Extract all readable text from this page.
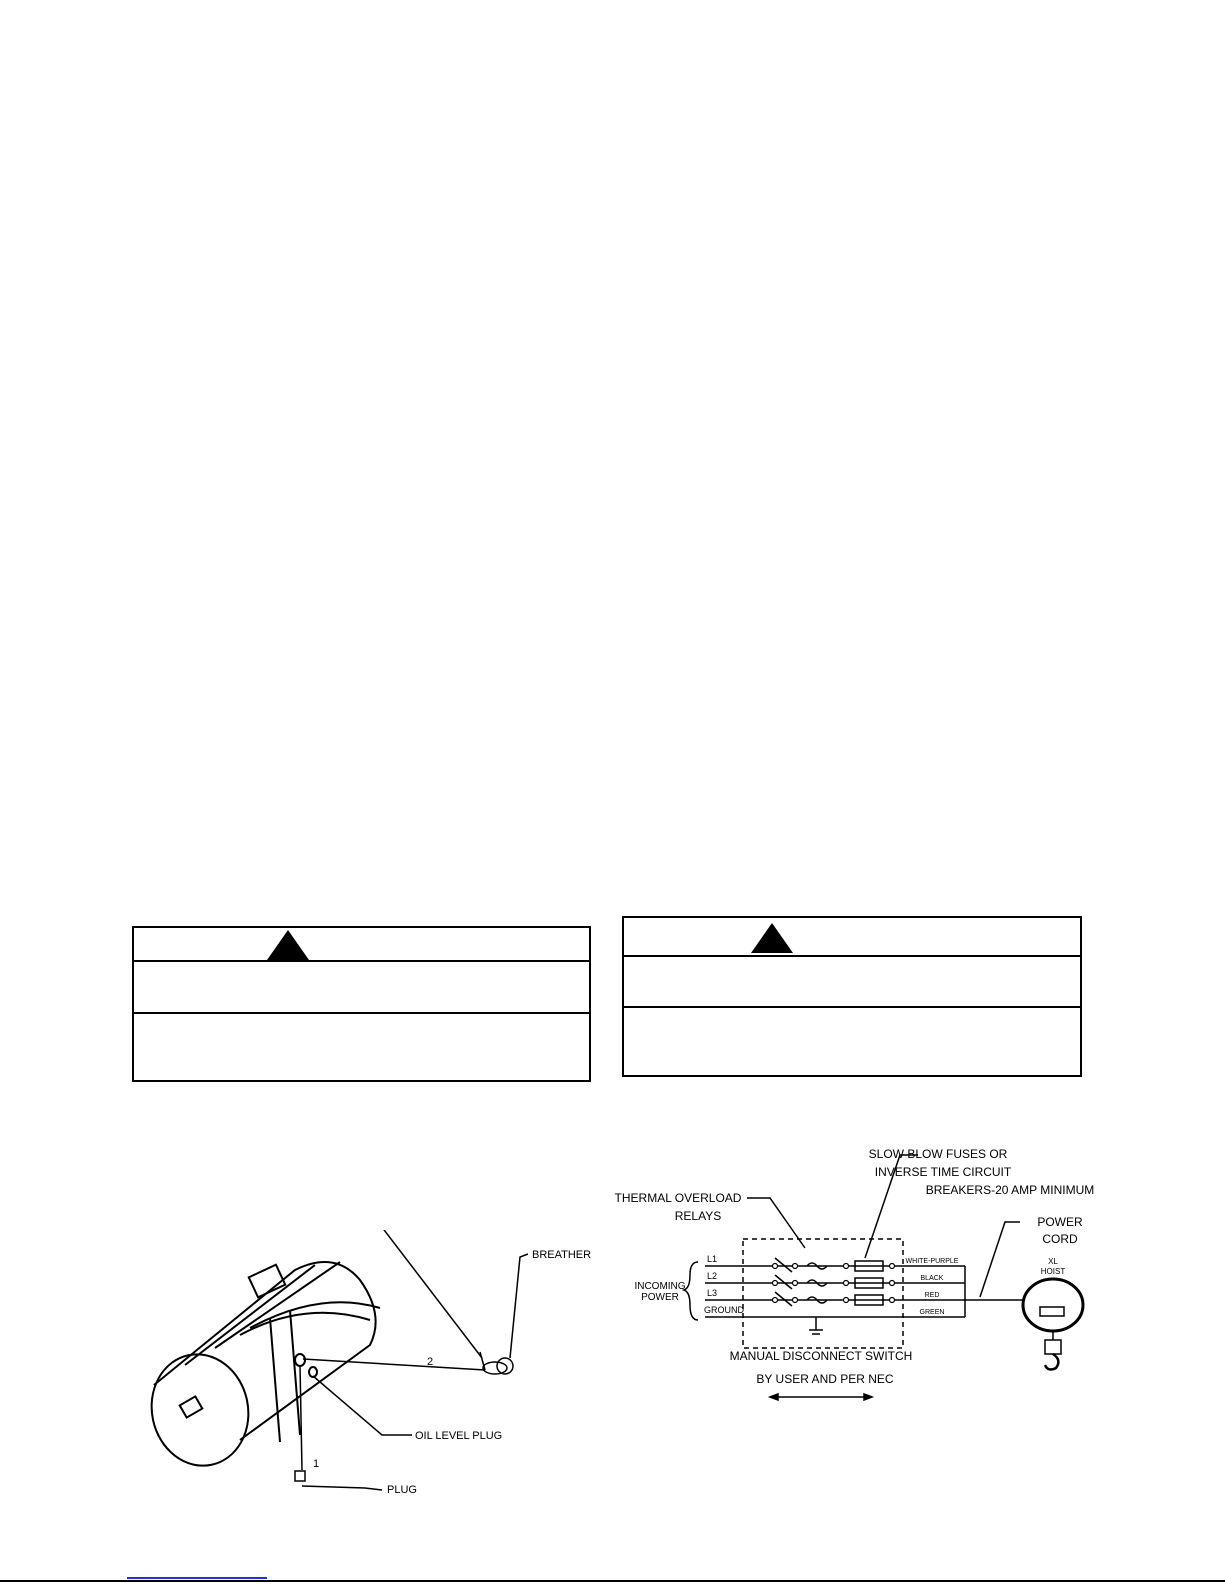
BREATHER
2
OIL LEVEL PLUG
1
PLUG
SLOW BLOW FUSES OR
INVERSE TIME CIRCUIT
BREAKERS-20 AMP MINIMUM
THERMAL OVERLOAD
RELAYS	POWER
CORD
L1
L2
L3
GROUND
INCOMING
POWER
WHITE-PURPLE
BLACK
RED
GREEN
XL
HOIST
MANUAL DISCONNECT SWITCH
BY USER AND PER NEC
